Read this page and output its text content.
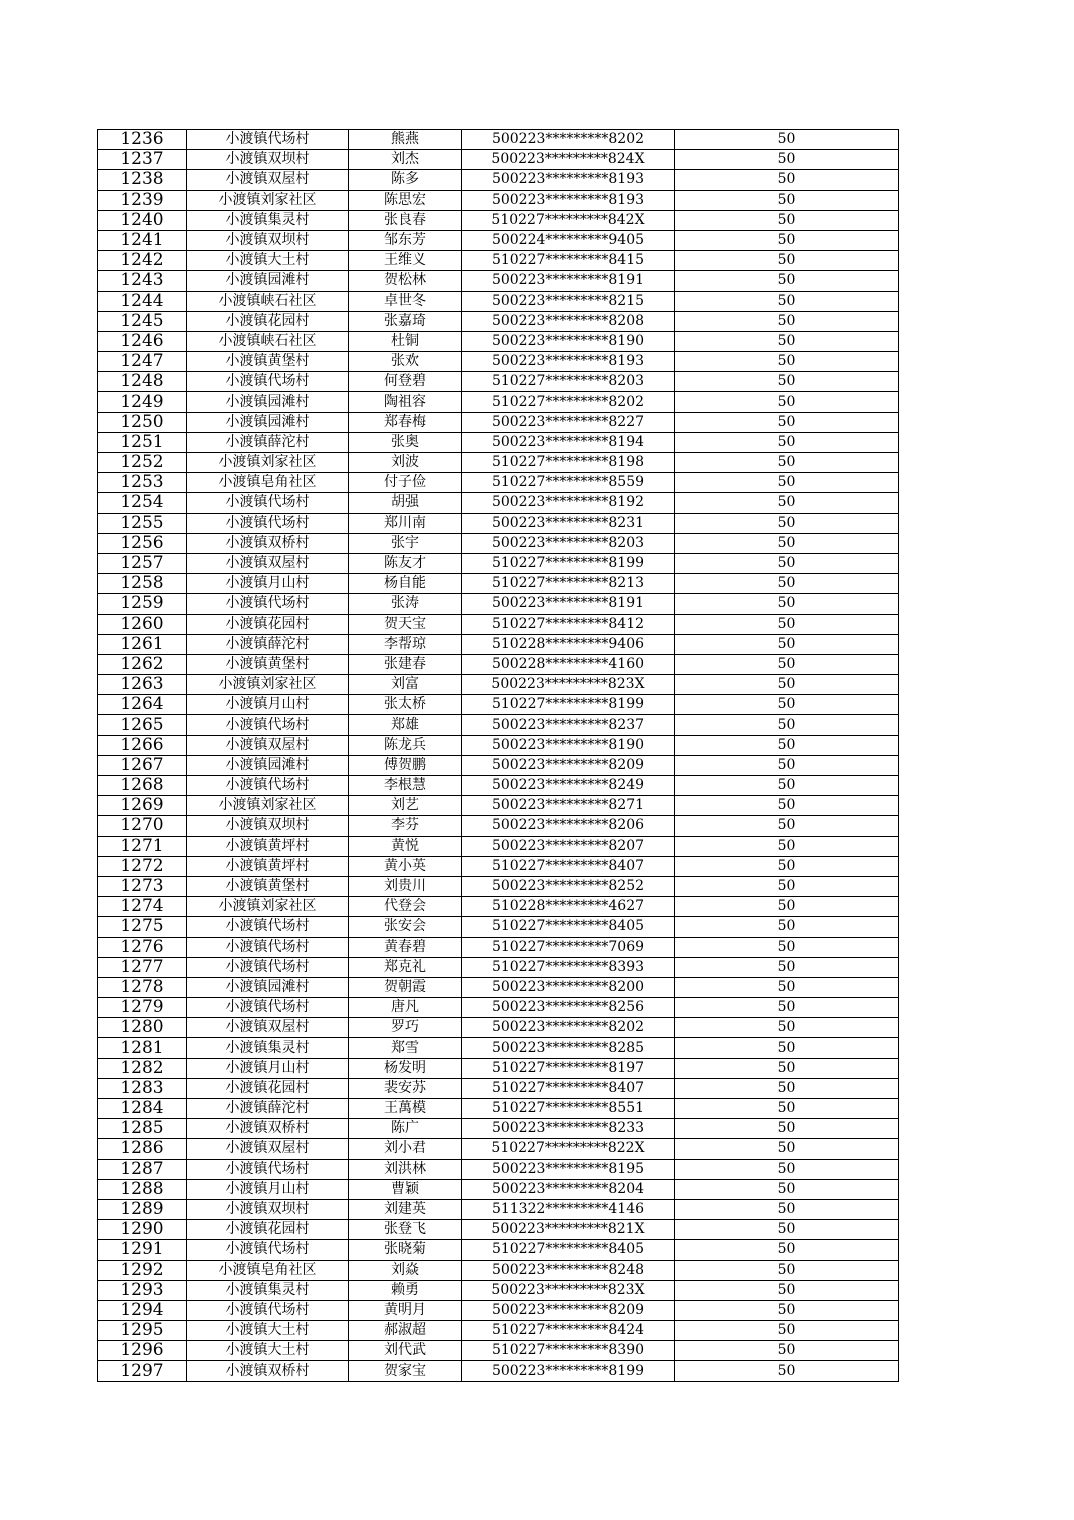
1236	小渡镇代场村	熊燕	500223*********8202	50
1237	小渡镇双坝村	刘杰	500223*********824X	50
1238	小渡镇双屋村	陈多	500223*********8193	50
1239	小渡镇刘家社区	陈思宏	500223*********8193	50
1240	小渡镇集灵村	张良春	510227*********842X	50
1241	小渡镇双坝村	邹东芳	500224*********9405	50
1242	小渡镇大土村	王维义	510227*********8415	50
1243	小渡镇园滩村	贺松林	500223*********8191	50
1244	小渡镇峡石社区	卓世冬	500223*********8215	50
1245	小渡镇花园村	张嘉琦	500223*********8208	50
1246	小渡镇峡石社区	杜铜	500223*********8190	50
1247	小渡镇黄堡村	张欢	500223*********8193	50
1248	小渡镇代场村	何登碧	510227*********8203	50
1249	小渡镇园滩村	陶祖容	510227*********8202	50
1250	小渡镇园滩村	郑春梅	500223*********8227	50
1251	小渡镇薛沱村	张奥	500223*********8194	50
1252	小渡镇刘家社区	刘波	510227*********8198	50
1253	小渡镇皂角社区	付子俭	510227*********8559	50
1254	小渡镇代场村	胡强	500223*********8192	50
1255	小渡镇代场村	郑川南	500223*********8231	50
1256	小渡镇双桥村	张宇	500223*********8203	50
1257	小渡镇双屋村	陈友才	510227*********8199	50
1258	小渡镇月山村	杨自能	510227*********8213	50
1259	小渡镇代场村	张涛	500223*********8191	50
1260	小渡镇花园村	贺天宝	510227*********8412	50
1261	小渡镇薛沱村	李帮琼	510228*********9406	50
1262	小渡镇黄堡村	张建春	500228*********4160	50
1263	小渡镇刘家社区	刘富	500223*********823X	50
1264	小渡镇月山村	张太桥	510227*********8199	50
1265	小渡镇代场村	郑雄	500223*********8237	50
1266	小渡镇双屋村	陈龙兵	500223*********8190	50
1267	小渡镇园滩村	傅贺鹏	500223*********8209	50
1268	小渡镇代场村	李根慧	500223*********8249	50
1269	小渡镇刘家社区	刘艺	500223*********8271	50
1270	小渡镇双坝村	李芬	500223*********8206	50
1271	小渡镇黄坪村	黄悦	500223*********8207	50
1272	小渡镇黄坪村	黄小英	510227*********8407	50
1273	小渡镇黄堡村	刘贵川	500223*********8252	50
1274	小渡镇刘家社区	代登会	510228*********4627	50
1275	小渡镇代场村	张安会	510227*********8405	50
1276	小渡镇代场村	黄春碧	510227*********7069	50
1277	小渡镇代场村	郑克礼	510227*********8393	50
1278	小渡镇园滩村	贺朝霞	500223*********8200	50
1279	小渡镇代场村	唐凡	500223*********8256	50
1280	小渡镇双屋村	罗巧	500223*********8202	50
1281	小渡镇集灵村	郑雪	500223*********8285	50
1282	小渡镇月山村	杨发明	510227*********8197	50
1283	小渡镇花园村	裴安苏	510227*********8407	50
1284	小渡镇薛沱村	王萬模	510227*********8551	50
1285	小渡镇双桥村	陈广	500223*********8233	50
1286	小渡镇双屋村	刘小君	510227*********822X	50
1287	小渡镇代场村	刘洪林	500223*********8195	50
1288	小渡镇月山村	曹颖	500223*********8204	50
1289	小渡镇双坝村	刘建英	511322*********4146	50
1290	小渡镇花园村	张登飞	500223*********821X	50
1291	小渡镇代场村	张晓菊	510227*********8405	50
1292	小渡镇皂角社区	刘焱	500223*********8248	50
1293	小渡镇集灵村	赖勇	500223*********823X	50
1294	小渡镇代场村	黄明月	500223*********8209	50
1295	小渡镇大土村	郝淑超	510227*********8424	50
1296	小渡镇大土村	刘代武	510227*********8390	50
1297	小渡镇双桥村	贺家宝	500223*********8199	50
